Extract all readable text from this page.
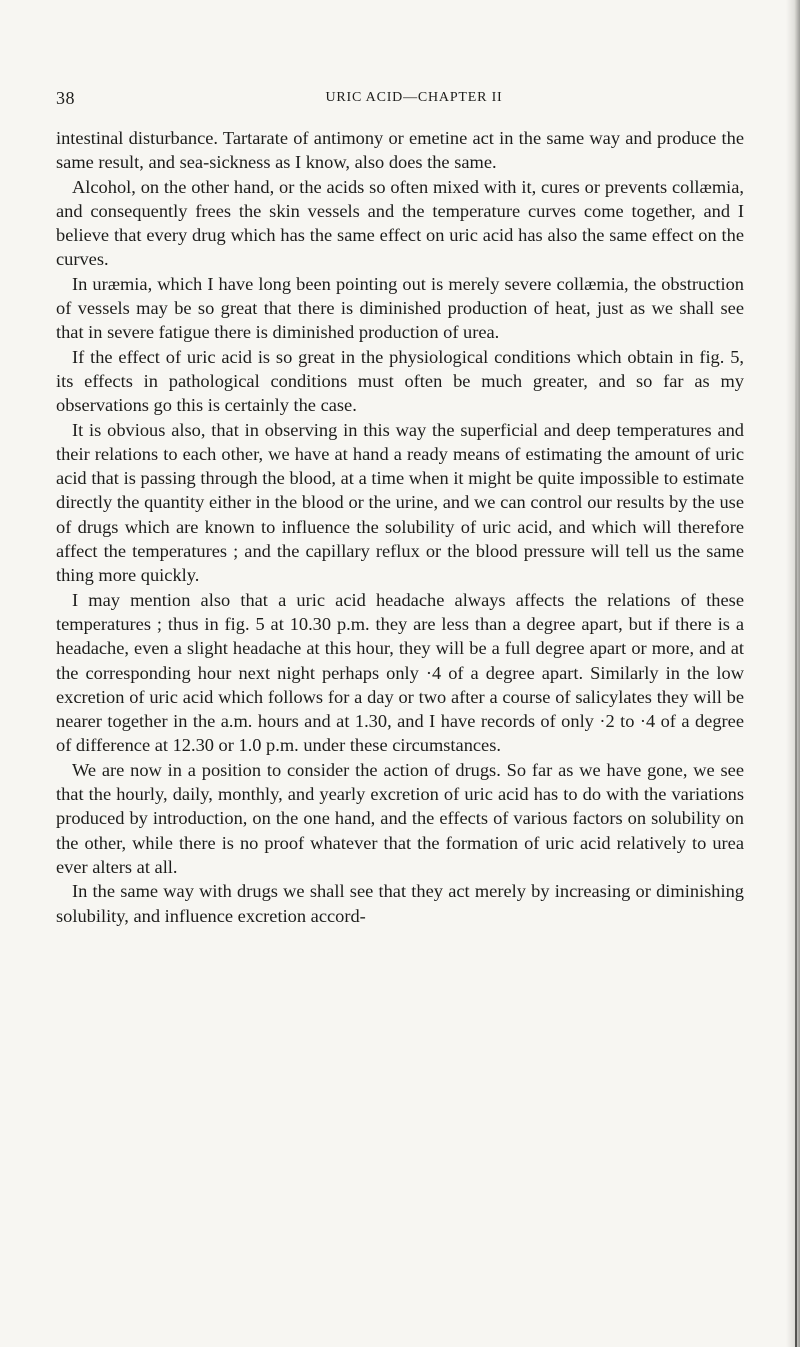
38	URIC ACID—CHAPTER II

intestinal disturbance. Tartarate of antimony or emetine act in the same way and produce the same result, and sea-sickness as I know, also does the same.

Alcohol, on the other hand, or the acids so often mixed with it, cures or prevents collæmia, and consequently frees the skin vessels and the temperature curves come together, and I believe that every drug which has the same effect on uric acid has also the same effect on the curves.

In uræmia, which I have long been pointing out is merely severe collæmia, the obstruction of vessels may be so great that there is diminished production of heat, just as we shall see that in severe fatigue there is diminished production of urea.

If the effect of uric acid is so great in the physiological conditions which obtain in fig. 5, its effects in pathological conditions must often be much greater, and so far as my observations go this is certainly the case.

It is obvious also, that in observing in this way the superficial and deep temperatures and their relations to each other, we have at hand a ready means of estimating the amount of uric acid that is passing through the blood, at a time when it might be quite impossible to estimate directly the quantity either in the blood or the urine, and we can control our results by the use of drugs which are known to influence the solubility of uric acid, and which will therefore affect the temperatures ; and the capillary reflux or the blood pressure will tell us the same thing more quickly.

I may mention also that a uric acid headache always affects the relations of these temperatures ; thus in fig. 5 at 10.30 p.m. they are less than a degree apart, but if there is a headache, even a slight headache at this hour, they will be a full degree apart or more, and at the corresponding hour next night perhaps only ·4 of a degree apart. Similarly in the low excretion of uric acid which follows for a day or two after a course of salicylates they will be nearer together in the a.m. hours and at 1.30, and I have records of only ·2 to ·4 of a degree of difference at 12.30 or 1.0 p.m. under these circumstances.

We are now in a position to consider the action of drugs. So far as we have gone, we see that the hourly, daily, monthly, and yearly excretion of uric acid has to do with the variations produced by introduction, on the one hand, and the effects of various factors on solubility on the other, while there is no proof whatever that the formation of uric acid relatively to urea ever alters at all.

In the same way with drugs we shall see that they act merely by increasing or diminishing solubility, and influence excretion accord-
